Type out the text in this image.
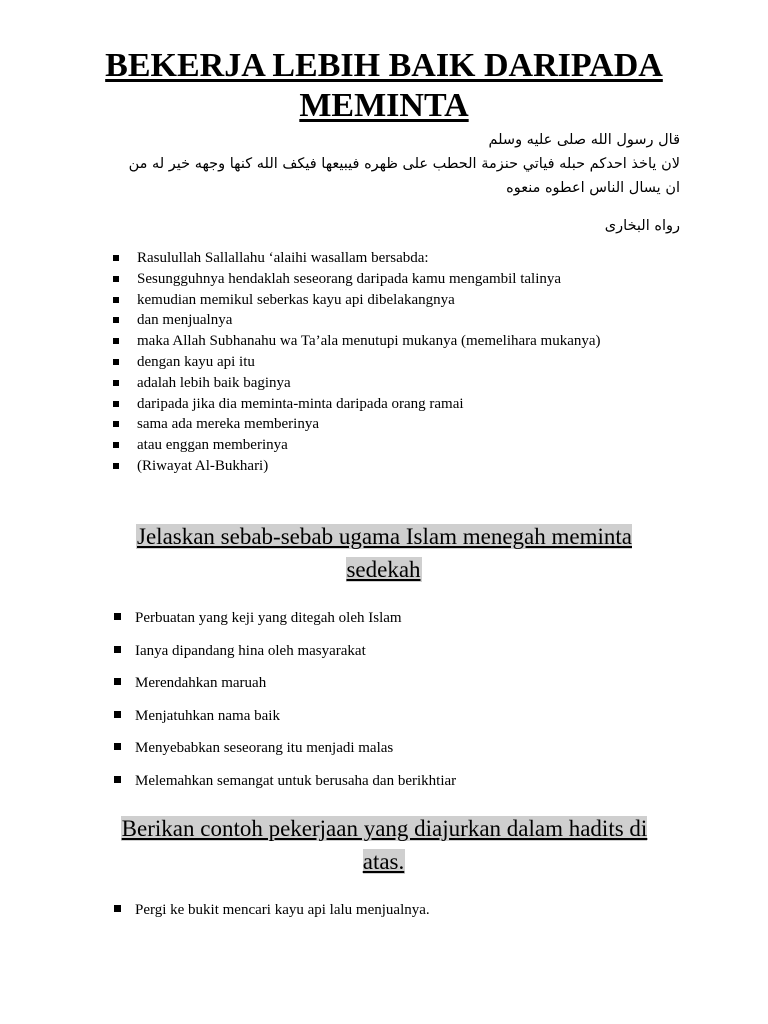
BEKERJA LEBIH BAIK DARIPADA MEMINTA
قال رسول الله صلى عليه وسلم
لان ياخذ احدكم حبله فياتي حنزمة الحطب على ظهره فيبيعها فيكف الله كنها وجهه خير له من
ان يسال الناس اعطوه منعوه
رواه البخارى
Rasulullah Sallallahu ‘alaihi wasallam bersabda:
Sesungguhnya hendaklah seseorang daripada kamu mengambil talinya
kemudian memikul seberkas kayu api dibelakangnya
dan menjualnya
maka Allah Subhanahu wa Ta’ala menutupi mukanya (memelihara mukanya)
dengan kayu api itu
adalah lebih baik baginya
daripada jika dia meminta-minta daripada orang ramai
sama ada mereka memberinya
atau enggan memberinya
(Riwayat Al-Bukhari)
Jelaskan sebab-sebab ugama Islam menegah meminta sedekah
Perbuatan yang keji yang ditegah oleh Islam
Ianya dipandang hina oleh masyarakat
Merendahkan maruah
Menjatuhkan nama baik
Menyebabkan seseorang itu menjadi malas
Melemahkan semangat untuk berusaha dan berikhtiar
Berikan contoh pekerjaan yang diajurkan dalam hadits di atas.
Pergi ke bukit mencari kayu api lalu menjualnya.
